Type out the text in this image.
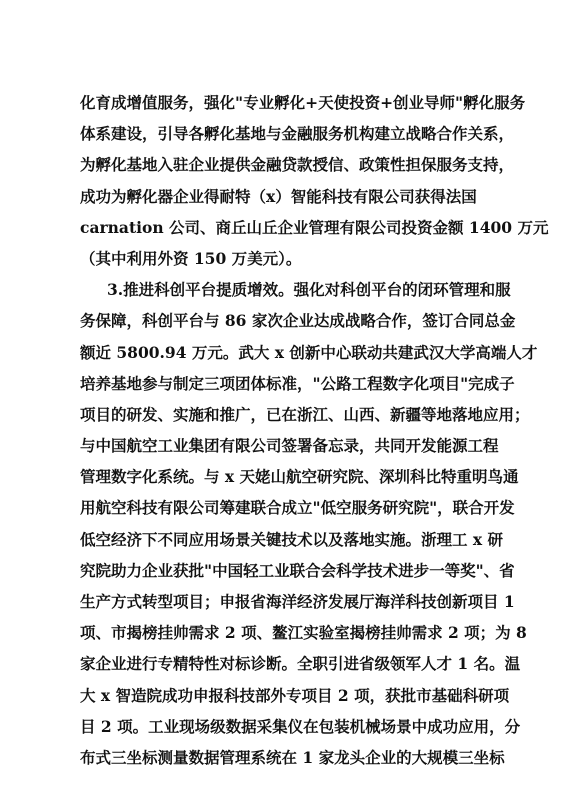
化育成增值服务，强化"专业孵化+天使投资+创业导师"孵化服务
体系建设，引导各孵化基地与金融服务机构建立战略合作关系，
为孵化基地入驻企业提供金融贷款授信、政策性担保服务支持，
成功为孵化器企业得耐特（x）智能科技有限公司获得法国
carnation 公司、商丘山丘企业管理有限公司投资金额 1400 万元
（其中利用外资 150 万美元）。
3.推进科创平台提质增效。强化对科创平台的闭环管理和服
务保障，科创平台与 86 家次企业达成战略合作，签订合同总金
额近 5800.94 万元。武大 x 创新中心联动共建武汉大学高端人才
培养基地参与制定三项团体标准，"公路工程数字化项目"完成子
项目的研发、实施和推广，已在浙江、山西、新疆等地落地应用；
与中国航空工业集团有限公司签署备忘录，共同开发能源工程
管理数字化系统。与 x 天姥山航空研究院、深圳科比特重明鸟通
用航空科技有限公司筹建联合成立"低空服务研究院"，联合开发
低空经济下不同应用场景关键技术以及落地实施。浙理工 x 研
究院助力企业获批"中国轻工业联合会科学技术进步一等奖"、省
生产方式转型项目；申报省海洋经济发展厅海洋科技创新项目 1
项、市揭榜挂帅需求 2 项、鳌江实验室揭榜挂帅需求 2 项；为 8
家企业进行专精特性对标诊断。全职引进省级领军人才 1 名。温
大 x 智造院成功申报科技部外专项目 2 项，获批市基础科研项
目 2 项。工业现场级数据采集仪在包装机械场景中成功应用，分
布式三坐标测量数据管理系统在 1 家龙头企业的大规模三坐标
